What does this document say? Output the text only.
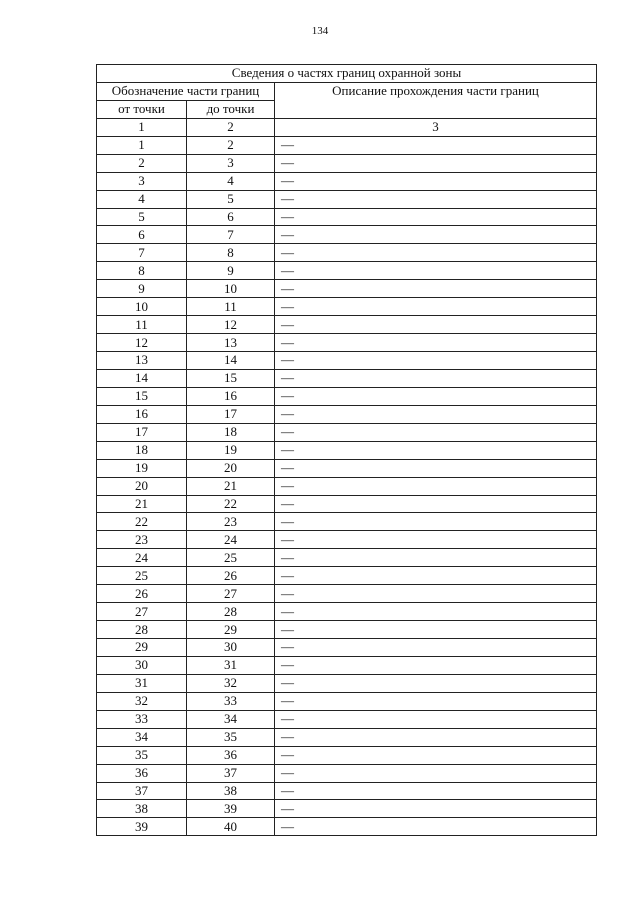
134
Сведения о частях границ охранной зоны		
Обозначение части границ		Описание прохождения части границ
от точки	до точки	
1	2	3
1	2	—
2	3	—
3	4	—
4	5	—
5	6	—
6	7	—
7	8	—
8	9	—
9	10	—
10	11	—
11	12	—
12	13	—
13	14	—
14	15	—
15	16	—
16	17	—
17	18	—
18	19	—
19	20	—
20	21	—
21	22	—
22	23	—
23	24	—
24	25	—
25	26	—
26	27	—
27	28	—
28	29	—
29	30	—
30	31	—
31	32	—
32	33	—
33	34	—
34	35	—
35	36	—
36	37	—
37	38	—
38	39	—
39	40	—
